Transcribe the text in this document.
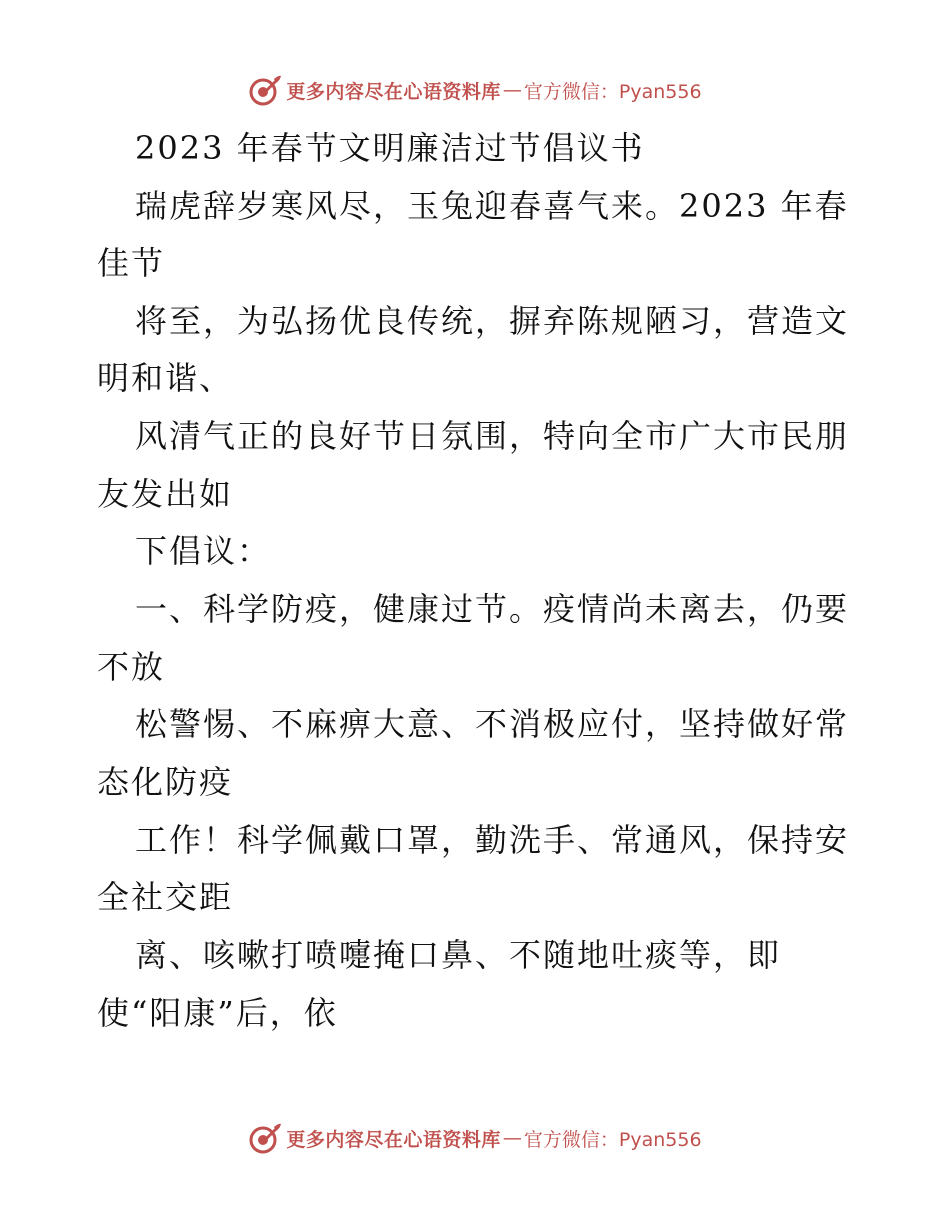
更多内容尽在心语资料库 — 官方微信：Pyan556
2023 年春节文明廉洁过节倡议书
瑞虎辞岁寒风尽，玉兔迎春喜气来。2023 年春
佳节
将至，为弘扬优良传统，摒弃陈规陋习，营造文
明和谐、
风清气正的良好节日氛围，特向全市广大市民朋
友发出如
下倡议：
一、科学防疫，健康过节。疫情尚未离去，仍要
不放
松警惕、不麻痹大意、不消极应付，坚持做好常
态化防疫
工作！科学佩戴口罩，勤洗手、常通风，保持安
全社交距
离、咳嗽打喷嚏掩口鼻、不随地吐痰等，即
使“阳康”后，依
更多内容尽在心语资料库 — 官方微信：Pyan556
